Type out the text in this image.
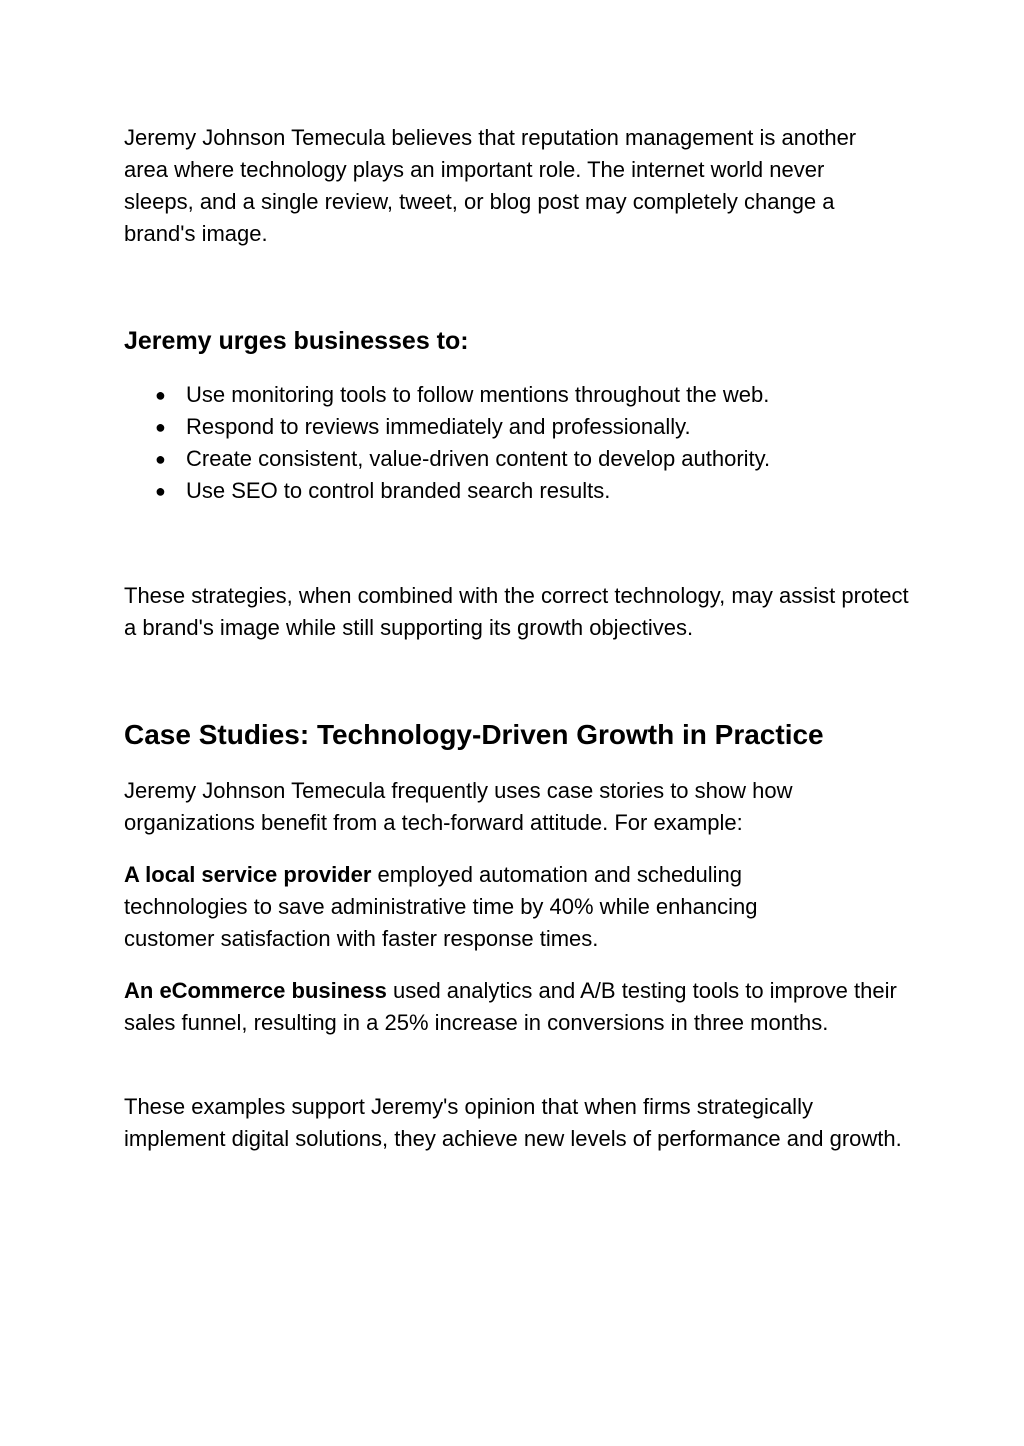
Jeremy Johnson Temecula believes that reputation management is another area where technology plays an important role. The internet world never sleeps, and a single review, tweet, or blog post may completely change a brand's image.

Jeremy urges businesses to:
● Use monitoring tools to follow mentions throughout the web.
● Respond to reviews immediately and professionally.
● Create consistent, value-driven content to develop authority.
● Use SEO to control branded search results.

These strategies, when combined with the correct technology, may assist protect a brand's image while still supporting its growth objectives.

Case Studies: Technology-Driven Growth in Practice

Jeremy Johnson Temecula frequently uses case stories to show how organizations benefit from a tech-forward attitude. For example:

A local service provider employed automation and scheduling technologies to save administrative time by 40% while enhancing customer satisfaction with faster response times.

An eCommerce business used analytics and A/B testing tools to improve their sales funnel, resulting in a 25% increase in conversions in three months.

These examples support Jeremy's opinion that when firms strategically implement digital solutions, they achieve new levels of performance and growth.
